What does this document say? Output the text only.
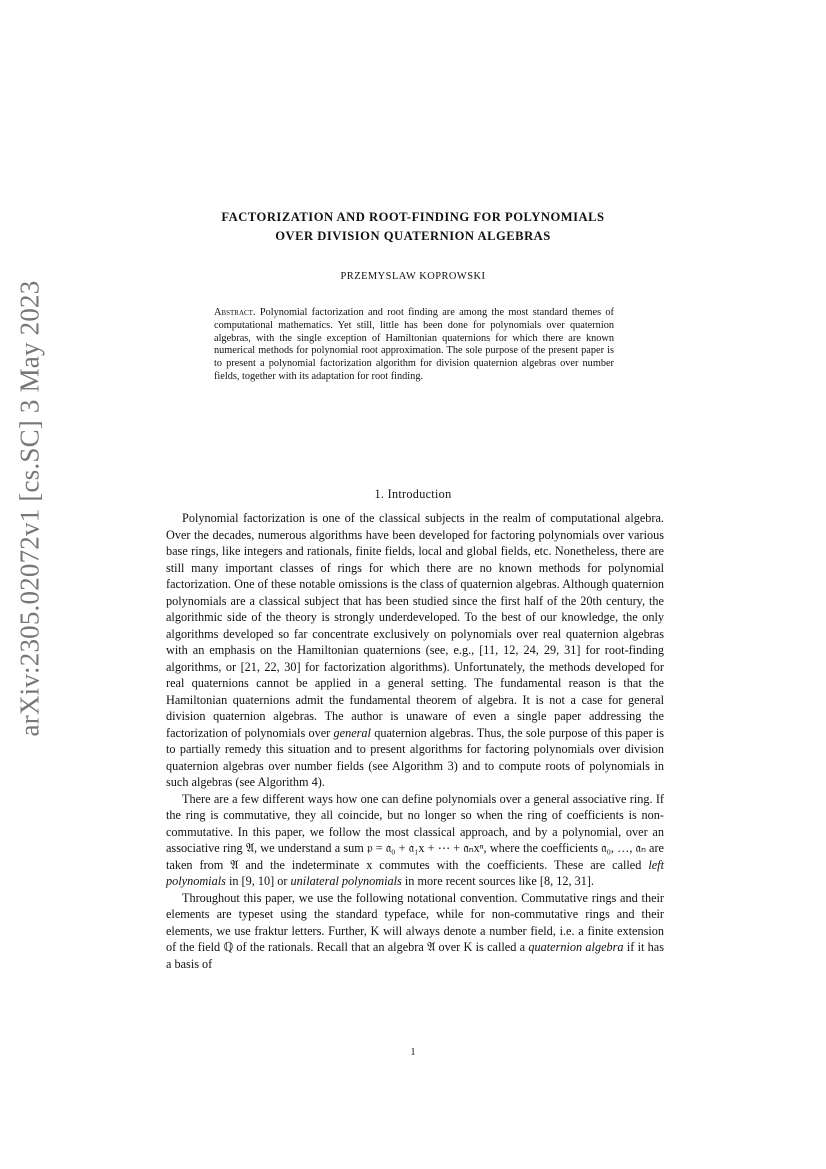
arXiv:2305.02072v1 [cs.SC] 3 May 2023
FACTORIZATION AND ROOT-FINDING FOR POLYNOMIALS
OVER DIVISION QUATERNION ALGEBRAS
PRZEMYSLAW KOPROWSKI

Abstract. Polynomial factorization and root finding are among the most standard themes of computational mathematics. Yet still, little has been done for polynomials over quaternion algebras, with the single exception of Hamiltonian quaternions for which there are known numerical methods for polynomial root approximation. The sole purpose of the present paper is to present a polynomial factorization algorithm for division quaternion algebras over number fields, together with its adaptation for root finding.

1. Introduction

Polynomial factorization is one of the classical subjects in the realm of computational algebra. Over the decades, numerous algorithms have been developed for factoring polynomials over various base rings, like integers and rationals, finite fields, local and global fields, etc. Nonetheless, there are still many important classes of rings for which there are no known methods for polynomial factorization. One of these notable omissions is the class of quaternion algebras. Although quaternion polynomials are a classical subject that has been studied since the first half of the 20th century, the algorithmic side of the theory is strongly underdeveloped. To the best of our knowledge, the only algorithms developed so far concentrate exclusively on polynomials over real quaternion algebras with an emphasis on the Hamiltonian quaternions (see, e.g., [11, 12, 24, 29, 31] for root-finding algorithms, or [21, 22, 30] for factorization algorithms). Unfortunately, the methods developed for real quaternions cannot be applied in a general setting. The fundamental reason is that the Hamiltonian quaternions admit the fundamental theorem of algebra. It is not a case for general division quaternion algebras. The author is unaware of even a single paper addressing the factorization of polynomials over general quaternion algebras. Thus, the sole purpose of this paper is to partially remedy this situation and to present algorithms for factoring polynomials over division quaternion algebras over number fields (see Algorithm 3) and to compute roots of polynomials in such algebras (see Algorithm 4).

There are a few different ways how one can define polynomials over a general associative ring. If the ring is commutative, they all coincide, but no longer so when the ring of coefficients is non-commutative. In this paper, we follow the most classical approach, and by a polynomial, over an associative ring 𝔄, we understand a sum 𝔭 = 𝔞₀ + 𝔞₁x + ⋯ + 𝔞ₙxⁿ, where the coefficients 𝔞₀, …, 𝔞ₙ are taken from 𝔄 and the indeterminate x commutes with the coefficients. These are called left polynomials in [9, 10] or unilateral polynomials in more recent sources like [8, 12, 31].

Throughout this paper, we use the following notational convention. Commutative rings and their elements are typeset using the standard typeface, while for non-commutative rings and their elements, we use fraktur letters. Further, K will always denote a number field, i.e. a finite extension of the field ℚ of the rationals. Recall that an algebra 𝔄 over K is called a quaternion algebra if it has a basis of

1
